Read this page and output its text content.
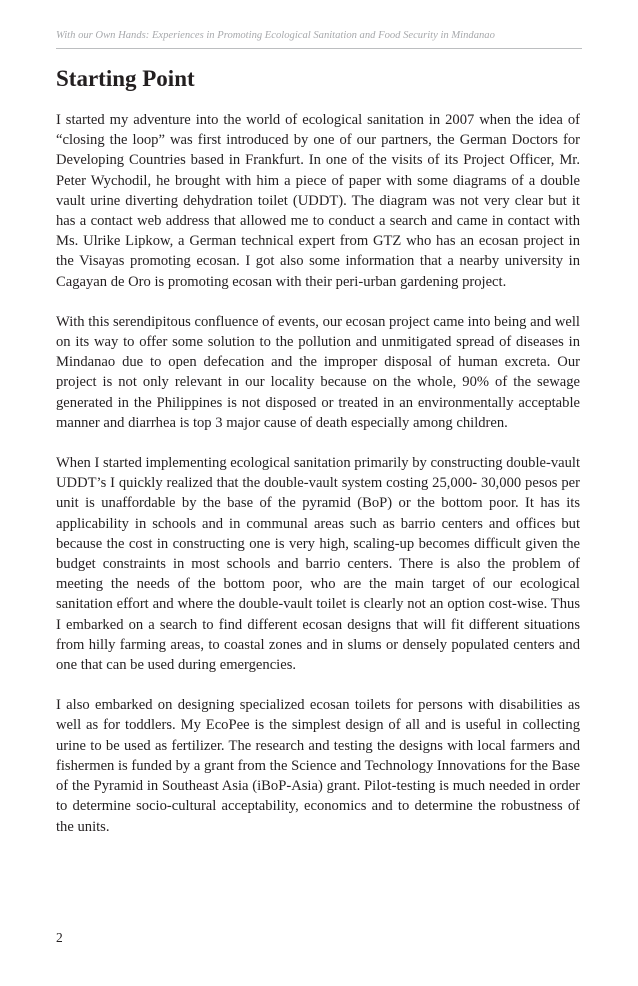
With our Own Hands: Experiences in Promoting Ecological Sanitation and Food Security in Mindanao
Starting Point

I started my adventure into the world of ecological sanitation in 2007 when the idea of “closing the loop” was first introduced by one of our partners, the German Doctors for Developing Countries based in Frankfurt. In one of the visits of its Project Officer, Mr. Peter Wychodil, he brought with him a piece of paper with some diagrams of a double vault urine diverting dehydration toilet (UDDT). The diagram was not very clear but it has a contact web address that allowed me to conduct a search and came in contact with Ms. Ulrike Lipkow, a German technical expert from GTZ who has an ecosan project in the Visayas promoting ecosan. I got also some information that a nearby university in Cagayan de Oro is promoting ecosan with their peri-urban gardening project.

With this serendipitous confluence of events, our ecosan project came into being and well on its way to offer some solution to the pollution and unmitigated spread of diseases in Mindanao due to open defecation and the improper disposal of human excreta. Our project is not only relevant in our locality because on the whole, 90% of the sewage generated in the Philippines is not disposed or treated in an environmentally acceptable manner and diarrhea is top 3 major cause of death especially among children.

When I started implementing ecological sanitation primarily by constructing double-vault UDDT’s I quickly realized that the double-vault system costing 25,000- 30,000 pesos per unit is unaffordable by the base of the pyramid (BoP) or the bottom poor. It has its applicability in schools and in communal areas such as barrio centers and offices but because the cost in constructing one is very high, scaling-up becomes difficult given the budget constraints in most schools and barrio centers. There is also the problem of meeting the needs of the bottom poor, who are the main target of our ecological sanitation effort and where the double-vault toilet is clearly not an option cost-wise. Thus I embarked on a search to find different ecosan designs that will fit different situations from hilly farming areas, to coastal zones and in slums or densely populated centers and one that can be used during emergencies.

I also embarked on designing specialized ecosan toilets for persons with disabilities as well as for toddlers. My EcoPee is the simplest design of all and is useful in collecting urine to be used as fertilizer. The research and testing the designs with local farmers and fishermen is funded by a grant from the Science and Technology Innovations for the Base of the Pyramid in Southeast Asia (iBoP-Asia) grant. Pilot-testing is much needed in order to determine socio-cultural acceptability, economics and to determine the robustness of the units.

2
